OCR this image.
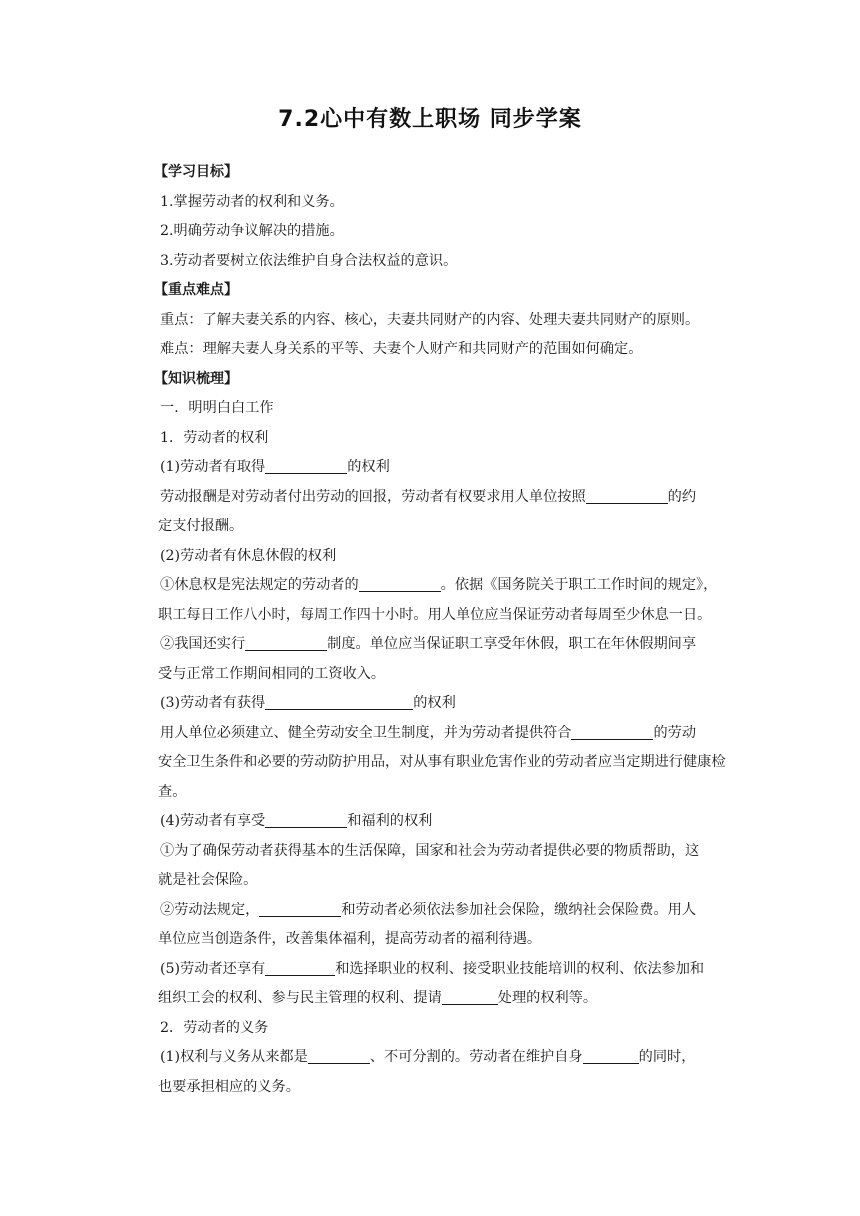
7.2心中有数上职场 同步学案

【学习目标】

1.掌握劳动者的权利和义务。

2.明确劳动争议解决的措施。

3.劳动者要树立依法维护自身合法权益的意识。

【重点难点】

重点：了解夫妻关系的内容、核心，夫妻共同财产的内容、处理夫妻共同财产的原则。

难点：理解夫妻人身关系的平等、夫妻个人财产和共同财产的范围如何确定。

【知识梳理】

一．明明白白工作

1．劳动者的权利

(1)劳动者有取得	的权利

劳动报酬是对劳动者付出劳动的回报，劳动者有权要求用人单位按照	的约

定支付报酬。

(2)劳动者有休息休假的权利

①休息权是宪法规定的劳动者的	。依据《国务院关于职工工作时间的规定》，

职工每日工作八小时，每周工作四十小时。用人单位应当保证劳动者每周至少休息一日。

②我国还实行	制度。单位应当保证职工享受年休假，职工在年休假期间享

受与正常工作期间相同的工资收入。

(3)劳动者有获得	的权利

用人单位必须建立、健全劳动安全卫生制度，并为劳动者提供符合	的劳动

安全卫生条件和必要的劳动防护用品，对从事有职业危害作业的劳动者应当定期进行健康检

查。

(4)劳动者有享受	和福利的权利

①为了确保劳动者获得基本的生活保障，国家和社会为劳动者提供必要的物质帮助，这

就是社会保险。

②劳动法规定，	和劳动者必须依法参加社会保险，缴纳社会保险费。用人

单位应当创造条件，改善集体福利，提高劳动者的福利待遇。

(5)劳动者还享有	和选择职业的权利、接受职业技能培训的权利、依法参加和

组织工会的权利、参与民主管理的权利、提请	处理的权利等。

2．劳动者的义务

(1)权利与义务从来都是	、不可分割的。劳动者在维护自身	的同时，

也要承担相应的义务。
